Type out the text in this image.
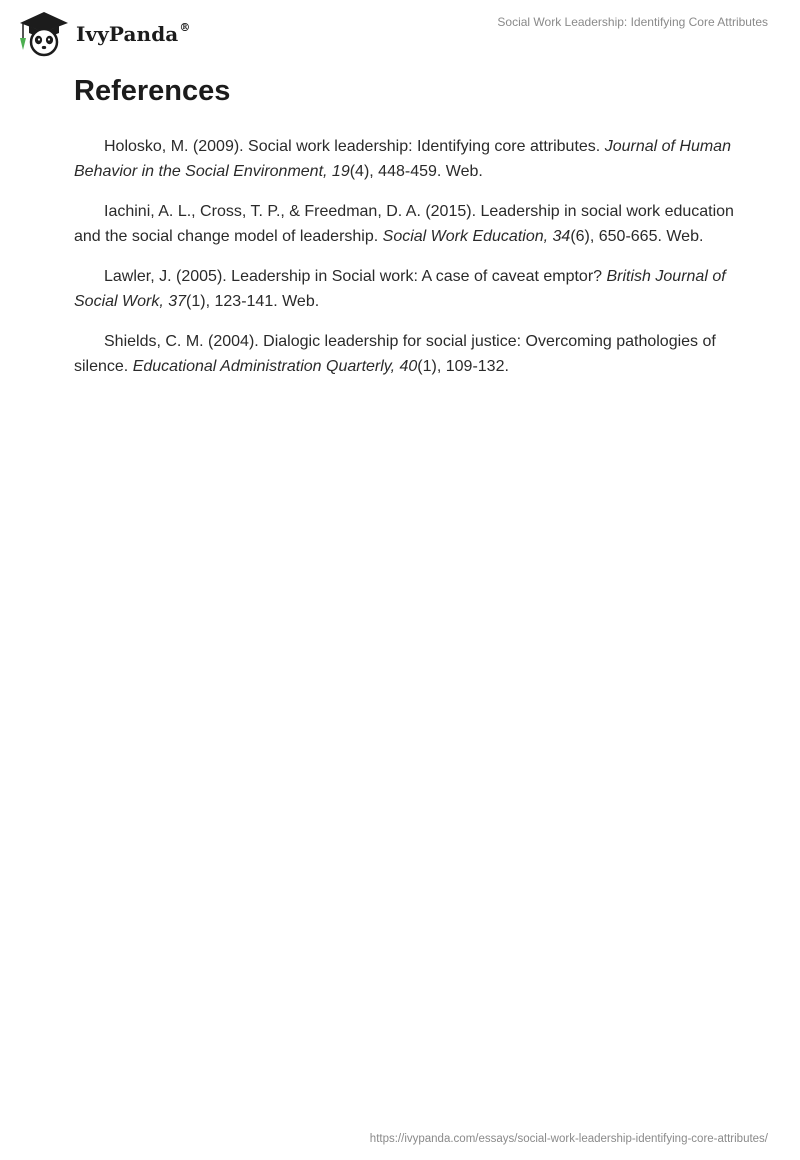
IvyPanda®	Social Work Leadership: Identifying Core Attributes
References

Holosko, M. (2009). Social work leadership: Identifying core attributes. Journal of Human Behavior in the Social Environment, 19(4), 448-459. Web.

Iachini, A. L., Cross, T. P., & Freedman, D. A. (2015). Leadership in social work education and the social change model of leadership. Social Work Education, 34(6), 650-665. Web.

Lawler, J. (2005). Leadership in Social work: A case of caveat emptor? British Journal of Social Work, 37(1), 123-141. Web.

Shields, C. M. (2004). Dialogic leadership for social justice: Overcoming pathologies of silence. Educational Administration Quarterly, 40(1), 109-132.

https://ivypanda.com/essays/social-work-leadership-identifying-core-attributes/
